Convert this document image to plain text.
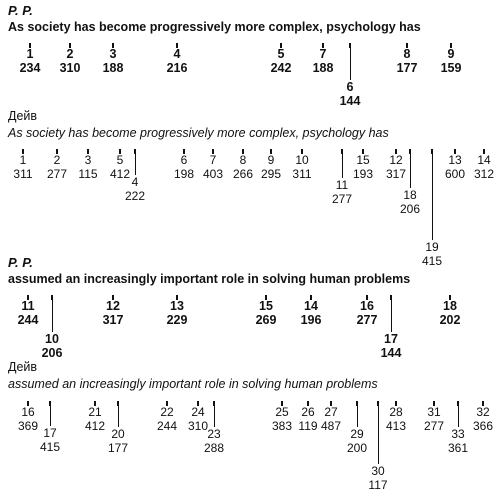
P. P.
As society has become progressively more complex, psychology has
1
234
2
310
3
188
4
216
5
242
7
188
6
144
8
177
9
159
Дейв
As society has become progressively more complex, psychology has
1
311
2
277
3
115
5
412
4
222
6
198
7
403
8
266
9
295
10
311
11
277
15
193
12
317
18
206
19
415
13
600
14
312
P. P.
assumed an increasingly important role in solving human problems
11
244
10
206
12
317
13
229
15
269
14
196
16
277
17
144
18
202
Дейв
assumed an increasingly important role in solving human problems
16
369 17
415
21
412
20
177
22
244
24
310
23
288
25
383
26
119
27
487
29
200
30
117
28
413
31
277
33
361
32
366
